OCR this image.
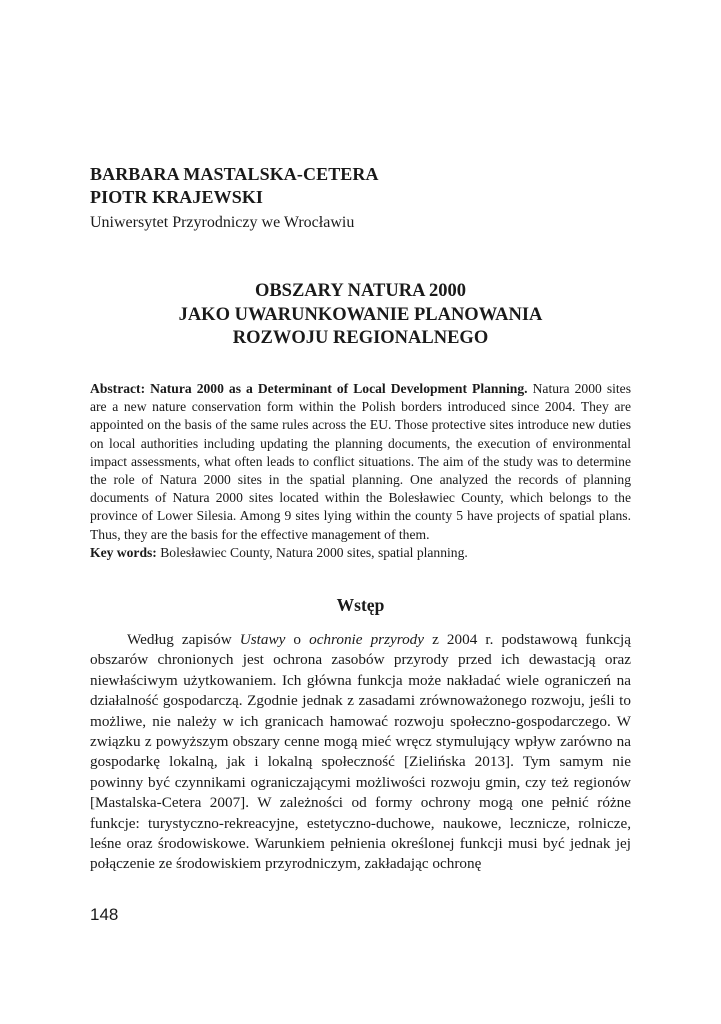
BARBARA MASTALSKA-CETERA
PIOTR KRAJEWSKI
Uniwersytet Przyrodniczy we Wrocławiu
OBSZARY NATURA 2000
JAKO UWARUNKOWANIE PLANOWANIA
ROZWOJU REGIONALNEGO

Abstract: Natura 2000 as a Determinant of Local Development Planning. Natura 2000 sites are a new nature conservation form within the Polish borders introduced since 2004. They are appointed on the basis of the same rules across the EU. Those protective sites introduce new duties on local authorities including updating the planning documents, the execution of environmental impact assessments, what often leads to conflict situations. The aim of the study was to determine the role of Natura 2000 sites in the spatial planning. One analyzed the records of planning documents of Natura 2000 sites located within the Bolesławiec County, which belongs to the province of Lower Silesia. Among 9 sites lying within the county 5 have projects of spatial plans. Thus, they are the basis for the effective management of them.

Key words: Bolesławiec County, Natura 2000 sites, spatial planning.

Wstęp

Według zapisów Ustawy o ochronie przyrody z 2004 r. podstawową funkcją obszarów chronionych jest ochrona zasobów przyrody przed ich dewastacją oraz niewłaściwym użytkowaniem. Ich główna funkcja może nakładać wiele ograniczeń na działalność gospodarczą. Zgodnie jednak z zasadami zrównoważonego rozwoju, jeśli to możliwe, nie należy w ich granicach hamować rozwoju społeczno-gospodarczego. W związku z powyższym obszary cenne mogą mieć wręcz stymulujący wpływ zarówno na gospodarkę lokalną, jak i lokalną społeczność [Zielińska 2013]. Tym samym nie powinny być czynnikami ograniczającymi możliwości rozwoju gmin, czy też regionów [Mastalska-Cetera 2007]. W zależności od formy ochrony mogą one pełnić różne funkcje: turystyczno-rekreacyjne, estetyczno-duchowe, naukowe, lecznicze, rolnicze, leśne oraz środowiskowe. Warunkiem pełnienia określonej funkcji musi być jednak jej połączenie ze środowiskiem przyrodniczym, zakładając ochronę

148
